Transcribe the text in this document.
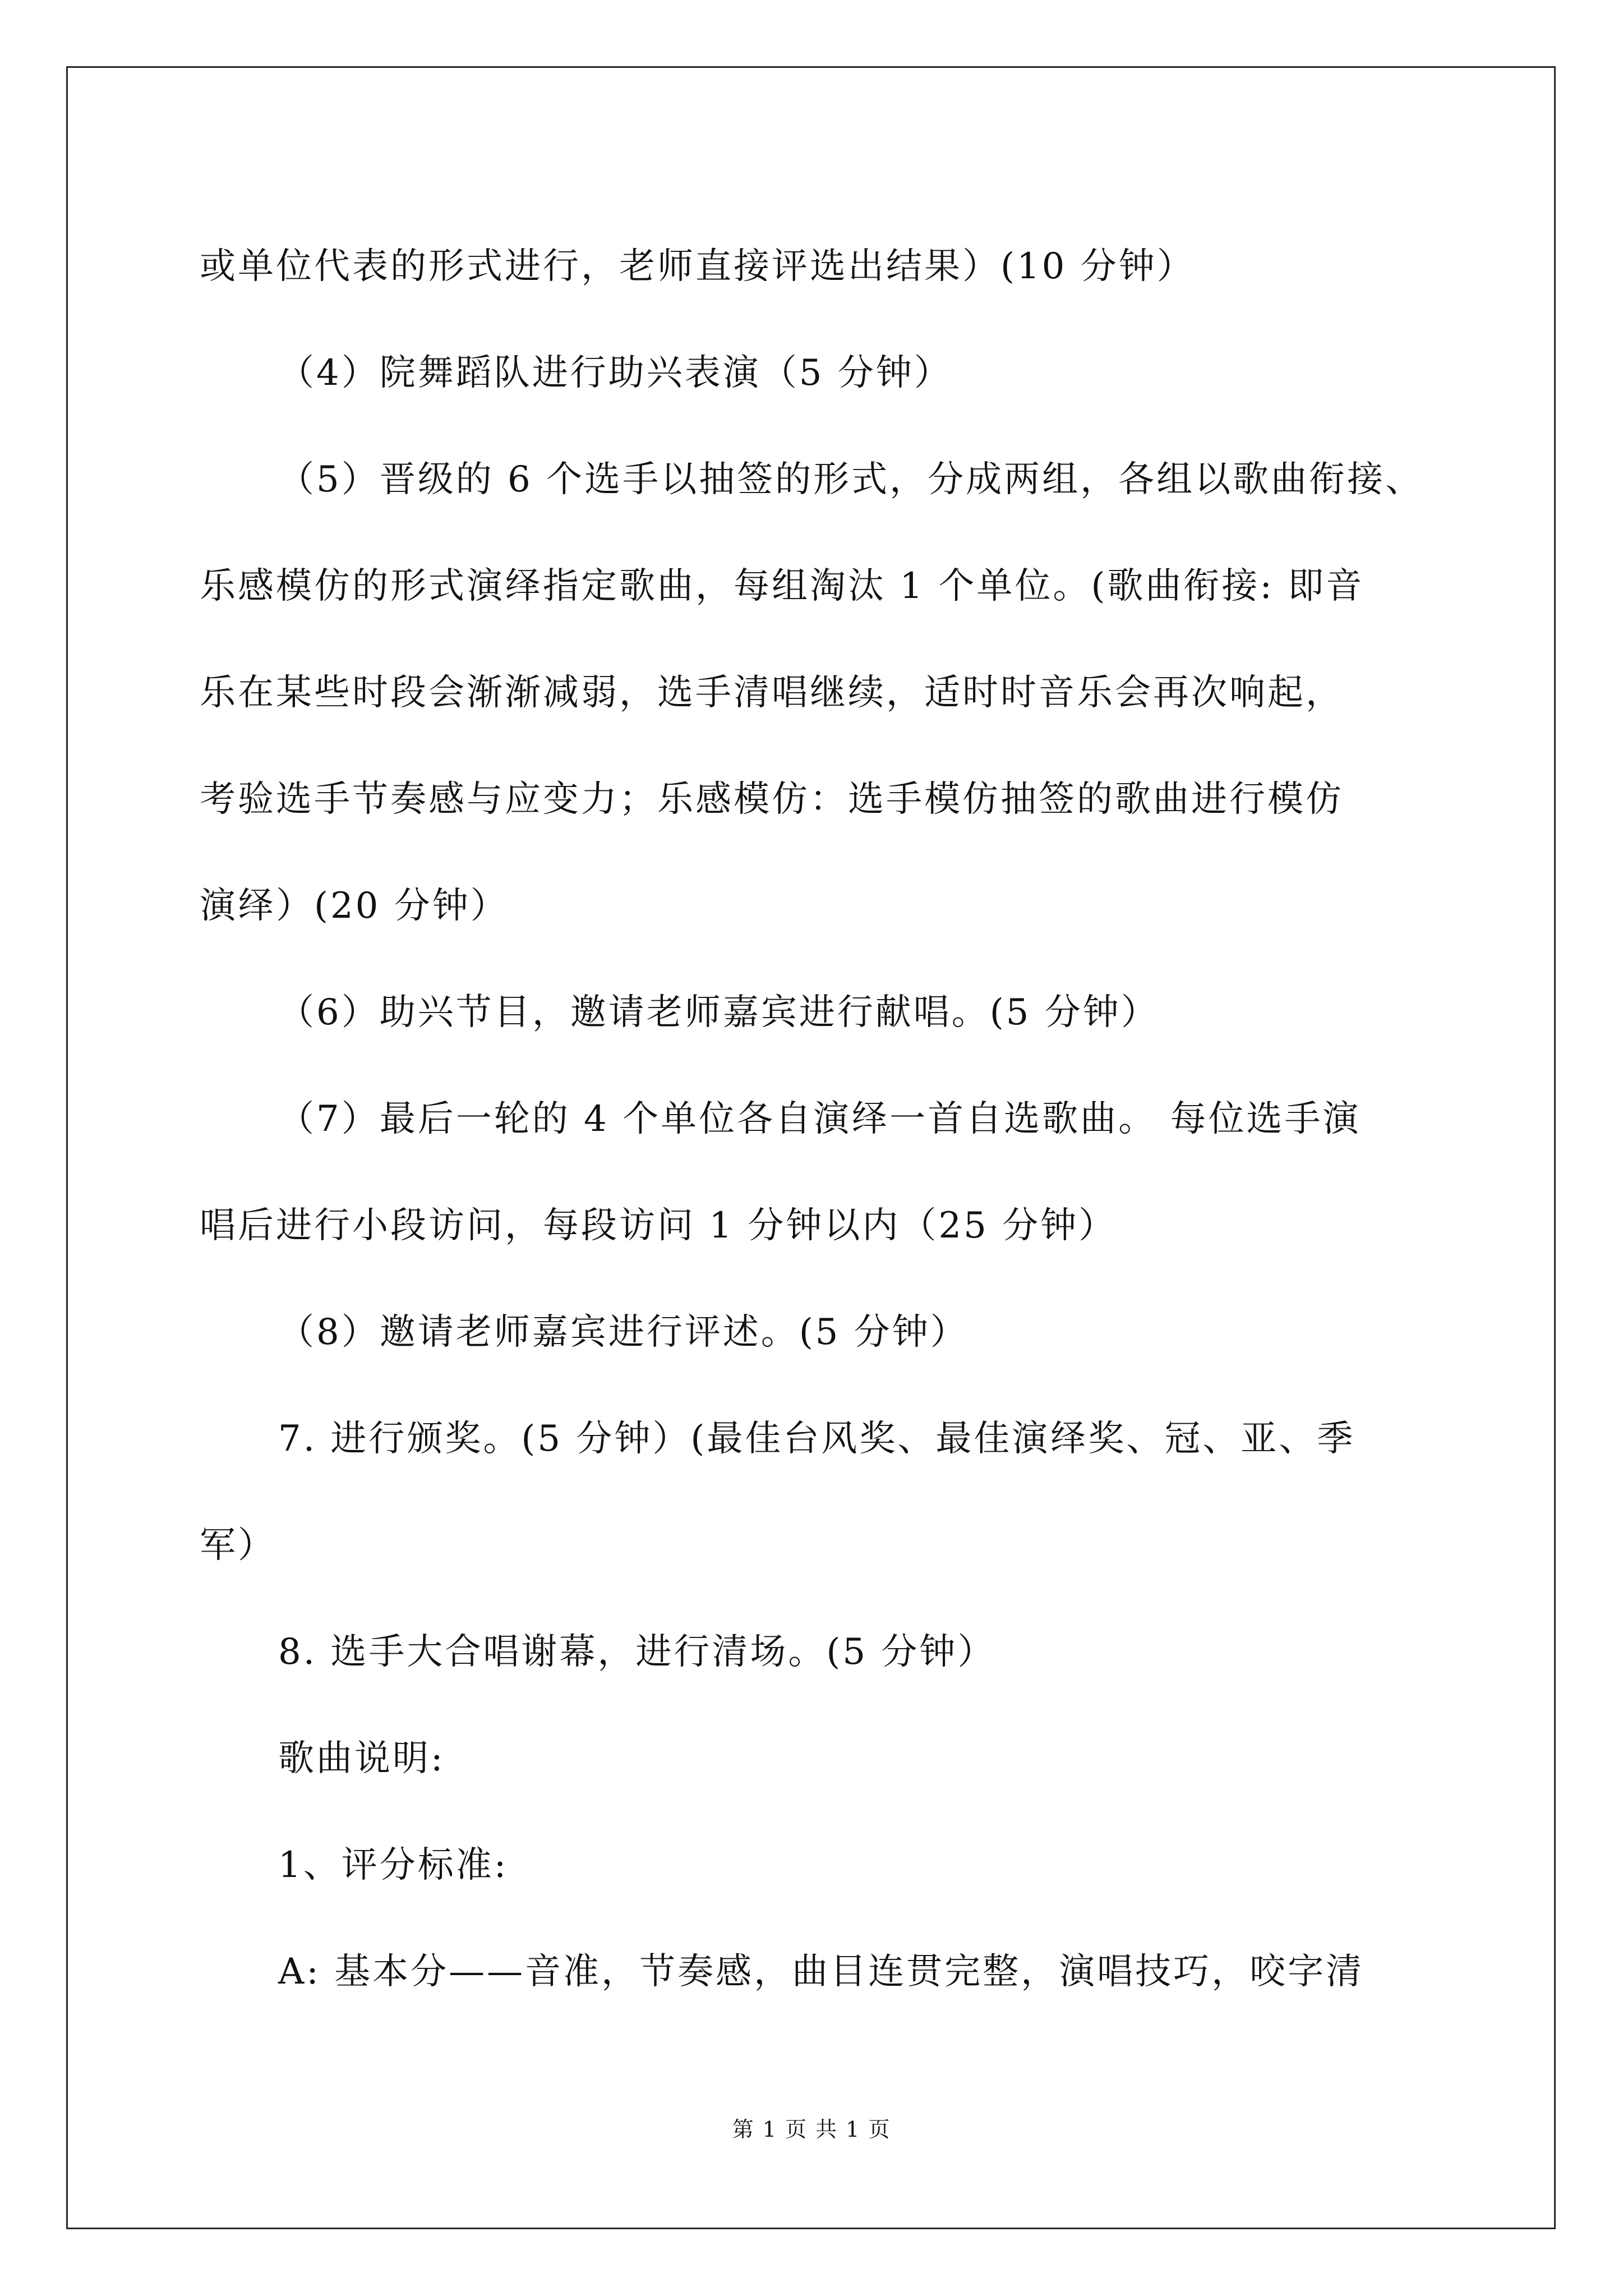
或单位代表的形式进行，老师直接评选出结果）(10 分钟）
（4）院舞蹈队进行助兴表演（5 分钟）
（5）晋级的 6 个选手以抽签的形式，分成两组，各组以歌曲衔接、
乐感模仿的形式演绎指定歌曲，每组淘汰 1 个单位。(歌曲衔接: 即音
乐在某些时段会渐渐减弱，选手清唱继续，适时时音乐会再次响起，
考验选手节奏感与应变力；乐感模仿：选手模仿抽签的歌曲进行模仿
演绎）(20 分钟）
（6）助兴节目，邀请老师嘉宾进行献唱。(5 分钟）
（7）最后一轮的 4 个单位各自演绎一首自选歌曲。 每位选手演
唱后进行小段访问，每段访问 1 分钟以内（25 分钟）
（8）邀请老师嘉宾进行评述。(5 分钟）
7. 进行颁奖。(5 分钟）(最佳台风奖、最佳演绎奖、冠、亚、季
军）
8. 选手大合唱谢幕，进行清场。(5 分钟）
歌曲说明:
1、评分标准:
A: 基本分——音准，节奏感，曲目连贯完整，演唱技巧，咬字清
第 1 页 共 1 页
